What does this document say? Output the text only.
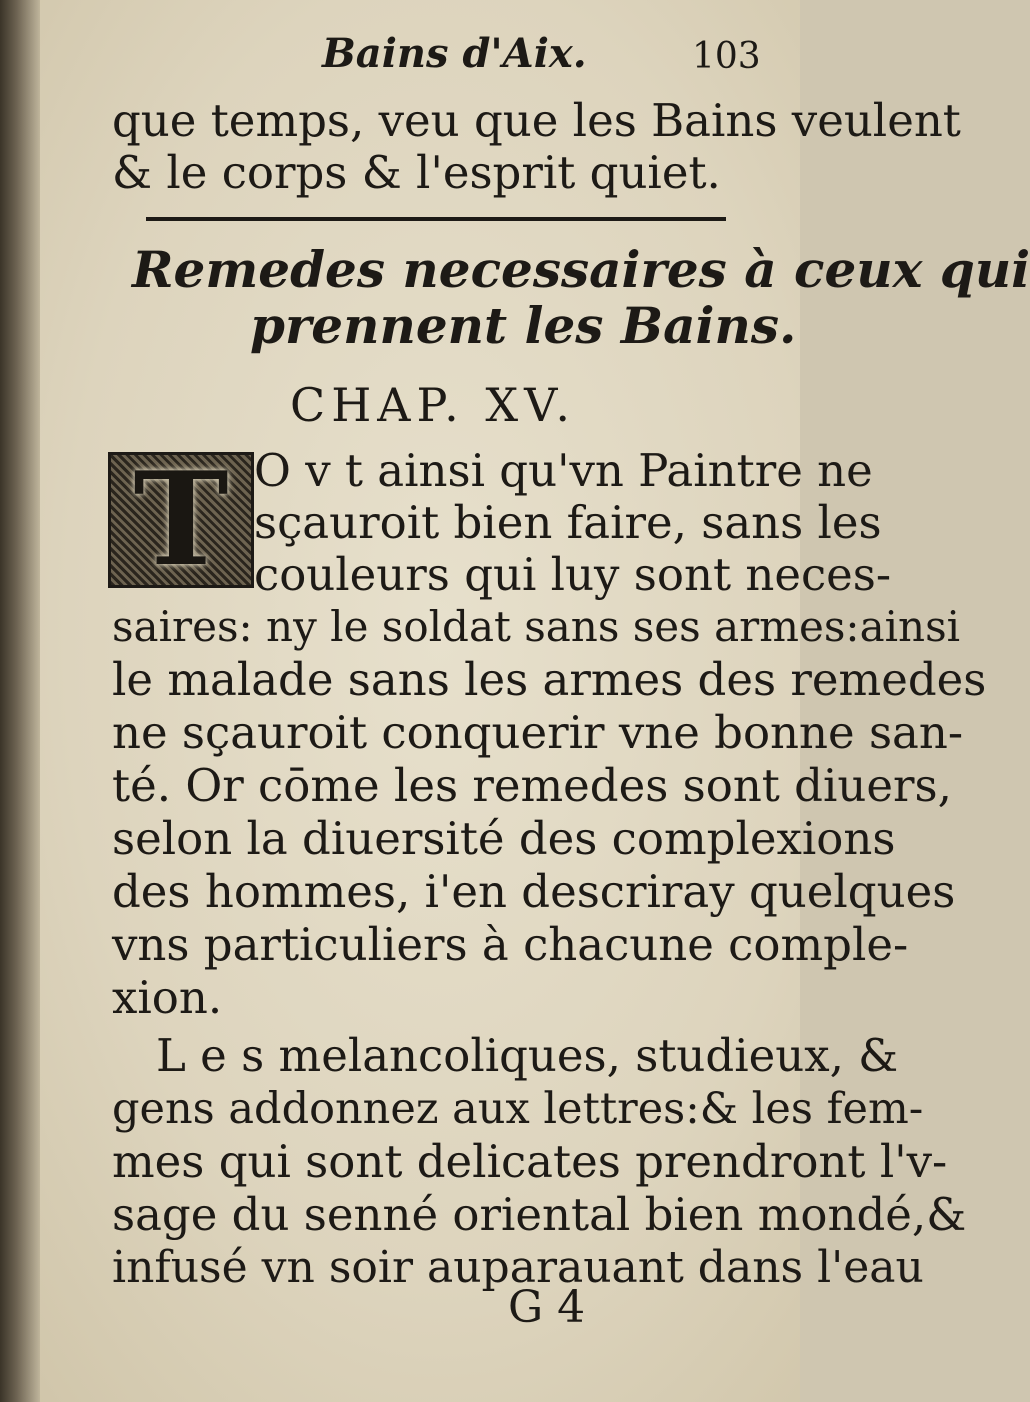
Bains d'Aix.	103
que temps, veu que les Bains veulent
& le corps & l'esprit quiet.
Remedes necessaires à ceux qui
prennent les Bains.
CHAP. XV.
T O v t ainsi qu'vn Paintre ne
sçauroit bien faire, sans les
couleurs qui luy sont neces-
saires: ny le soldat sans ses armes:ainsi
le malade sans les armes des remedes
ne sçauroit conquerir vne bonne san-
té. Or cōme les remedes sont diuers,
selon la diuersité des complexions
des hommes, i'en descriray quelques
vns particuliers à chacune comple-
xion.
L e s melancoliques, studieux, &
gens addonnez aux lettres:& les fem-
mes qui sont delicates prendront l'v-
sage du senné oriental bien mondé,&
infusé vn soir auparauant dans l'eau
G 4
